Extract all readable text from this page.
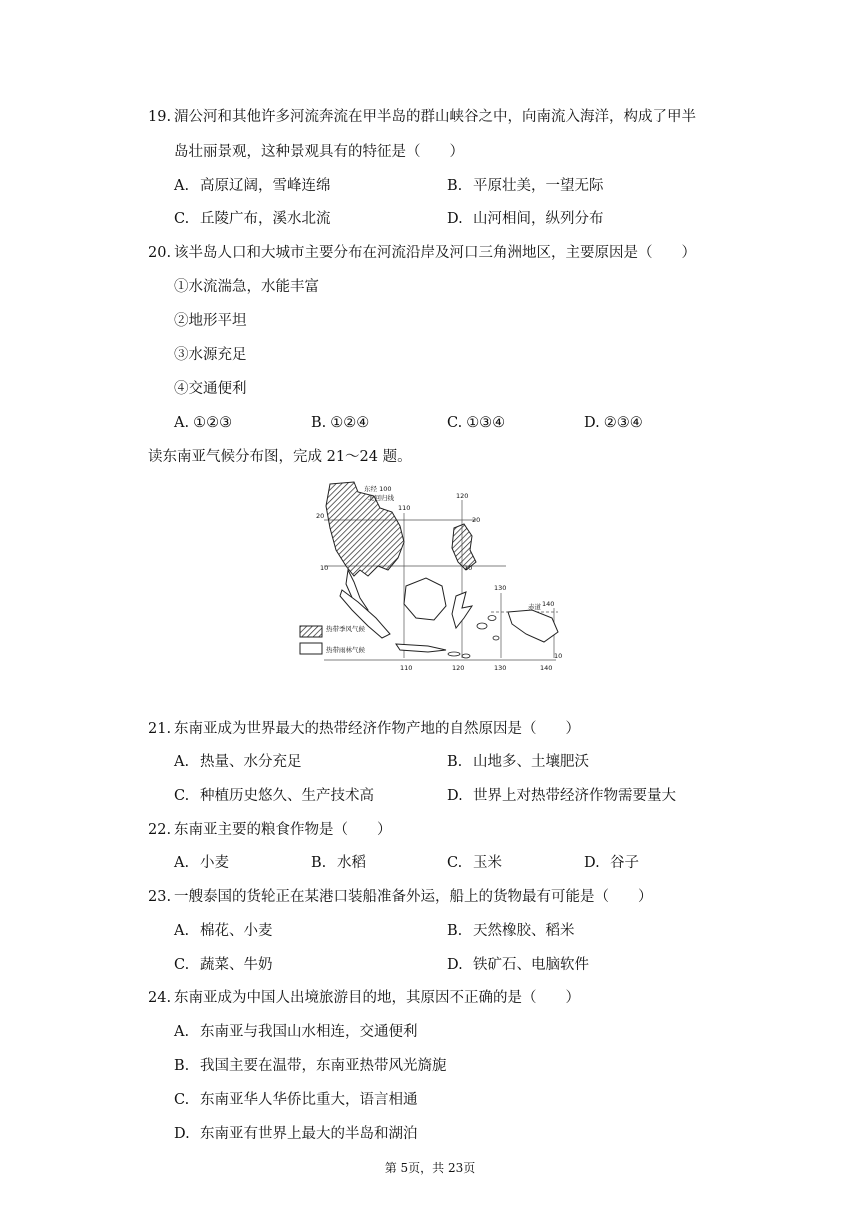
19. 湄公河和其他许多河流奔流在甲半岛的群山峡谷之中，向南流入海洋，构成了甲半
岛壮丽景观，这种景观具有的特征是（　　）
A. 高原辽阔，雪峰连绵	B. 平原壮美，一望无际
C. 丘陵广布，溪水北流	D. 山河相间，纵列分布
20. 该半岛人口和大城市主要分布在河流沿岸及河口三角洲地区，主要原因是（　　）
①水流湍急，水能丰富
②地形平坦
③水源充足
④交通便利
A. ①②③	B. ①②④	C. ①③④	D. ②③④
读东南亚气候分布图，完成 21～24 题。
热带季风气候
热带雨林气候
东经 100
北回归线
20	20
10	10
10
110
120
130
140
110	120	130	140
赤道
21. 东南亚成为世界最大的热带经济作物产地的自然原因是（　　）
A. 热量、水分充足	B. 山地多、土壤肥沃
C. 种植历史悠久、生产技术高	D. 世界上对热带经济作物需要量大
22. 东南亚主要的粮食作物是（　　）
A. 小麦	B. 水稻	C. 玉米	D. 谷子
23. 一艘泰国的货轮正在某港口装船准备外运，船上的货物最有可能是（　　）
A. 棉花、小麦	B. 天然橡胶、稻米
C. 蔬菜、牛奶	D. 铁矿石、电脑软件
24. 东南亚成为中国人出境旅游目的地，其原因不正确的是（　　）
A. 东南亚与我国山水相连，交通便利
B. 我国主要在温带，东南亚热带风光旖旎
C. 东南亚华人华侨比重大，语言相通
D. 东南亚有世界上最大的半岛和湖泊
第 5页，共 23页
